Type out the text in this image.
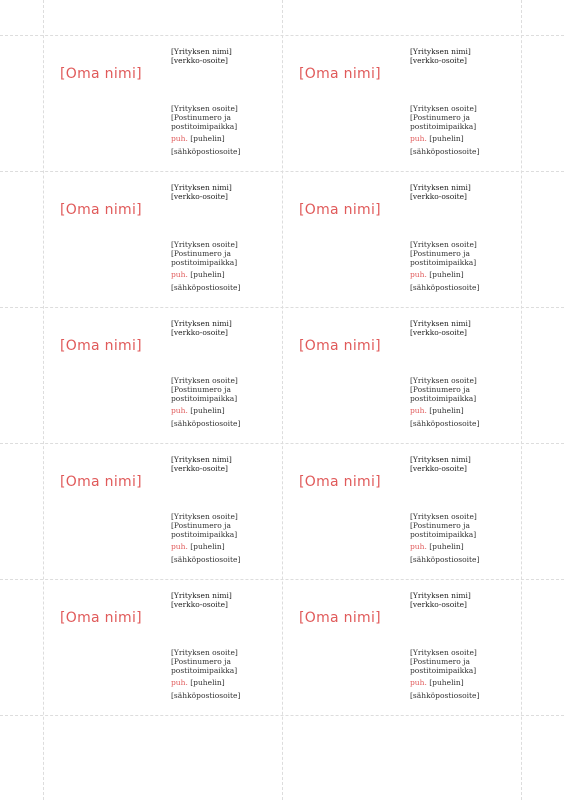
[Oma nimi]
[Yrityksen nimi]
[verkko-osoite]
[Yrityksen osoite]
[Postinumero ja
postitoimipaikka]
puh. [puhelin]
[sähköpostiosoite]
[Oma nimi]
[Yrityksen nimi]
[verkko-osoite]
[Yrityksen osoite]
[Postinumero ja
postitoimipaikka]
puh. [puhelin]
[sähköpostiosoite]
[Oma nimi]
[Yrityksen nimi]
[verkko-osoite]
[Yrityksen osoite]
[Postinumero ja
postitoimipaikka]
puh. [puhelin]
[sähköpostiosoite]
[Oma nimi]
[Yrityksen nimi]
[verkko-osoite]
[Yrityksen osoite]
[Postinumero ja
postitoimipaikka]
puh. [puhelin]
[sähköpostiosoite]
[Oma nimi]
[Yrityksen nimi]
[verkko-osoite]
[Yrityksen osoite]
[Postinumero ja
postitoimipaikka]
puh. [puhelin]
[sähköpostiosoite]
[Oma nimi]
[Yrityksen nimi]
[verkko-osoite]
[Yrityksen osoite]
[Postinumero ja
postitoimipaikka]
puh. [puhelin]
[sähköpostiosoite]
[Oma nimi]
[Yrityksen nimi]
[verkko-osoite]
[Yrityksen osoite]
[Postinumero ja
postitoimipaikka]
puh. [puhelin]
[sähköpostiosoite]
[Oma nimi]
[Yrityksen nimi]
[verkko-osoite]
[Yrityksen osoite]
[Postinumero ja
postitoimipaikka]
puh. [puhelin]
[sähköpostiosoite]
[Oma nimi]
[Yrityksen nimi]
[verkko-osoite]
[Yrityksen osoite]
[Postinumero ja
postitoimipaikka]
puh. [puhelin]
[sähköpostiosoite]
[Oma nimi]
[Yrityksen nimi]
[verkko-osoite]
[Yrityksen osoite]
[Postinumero ja
postitoimipaikka]
puh. [puhelin]
[sähköpostiosoite]
